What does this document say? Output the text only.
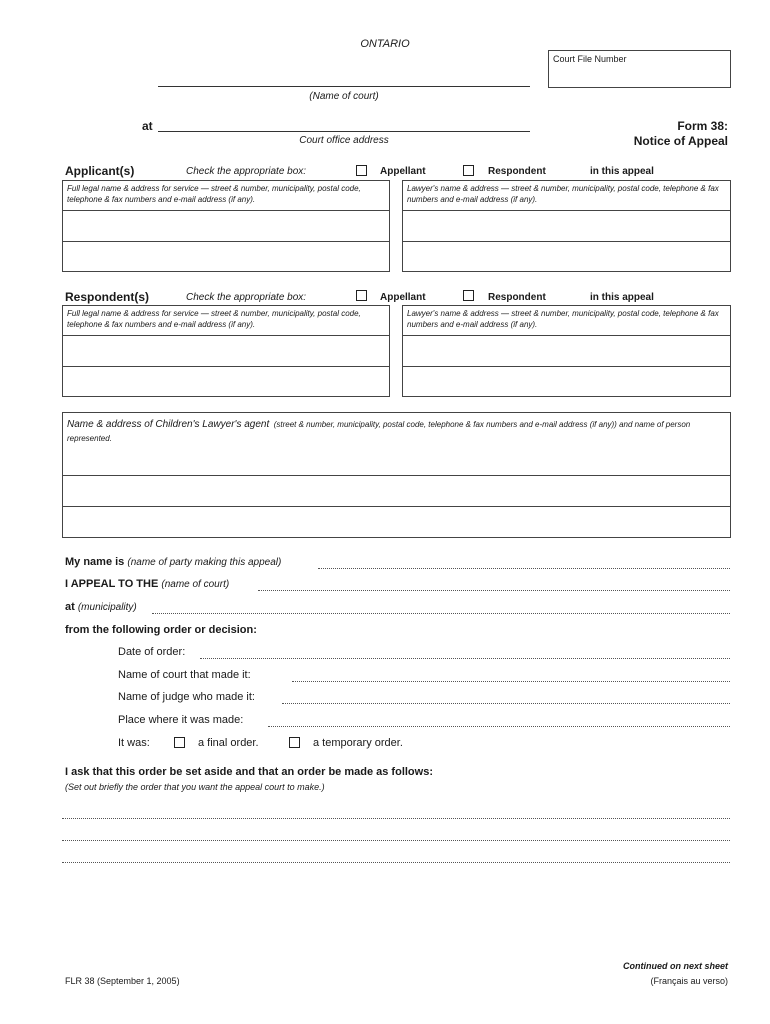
ONTARIO
Court File Number
(Name of court)
at
Court office address
Form 38:
Notice of Appeal
Applicant(s)	Check the appropriate box:	Appellant	Respondent	in this appeal
Full legal name & address for service — street & number, municipality, postal code, telephone & fax numbers and e-mail address (if any).
Lawyer's name & address — street & number, municipality, postal code, telephone & fax numbers and e-mail address (if any).
Respondent(s)	Check the appropriate box:	Appellant	Respondent	in this appeal
Full legal name & address for service — street & number, municipality, postal code, telephone & fax numbers and e-mail address (if any).
Lawyer's name & address — street & number, municipality, postal code, telephone & fax numbers and e-mail address (if any).
Name & address of Children's Lawyer's agent (street & number, municipality, postal code, telephone & fax numbers and e-mail address (if any)) and name of person represented.
My name is (name of party making this appeal)
I APPEAL TO THE (name of court)
at (municipality)
from the following order or decision:
Date of order:
Name of court that made it:
Name of judge who made it:
Place where it was made:
It was:	a final order.	a temporary order.
I ask that this order be set aside and that an order be made as follows:
(Set out briefly the order that you want the appeal court to make.)
FLR 38 (September 1, 2005)
Continued on next sheet
(Français au verso)
